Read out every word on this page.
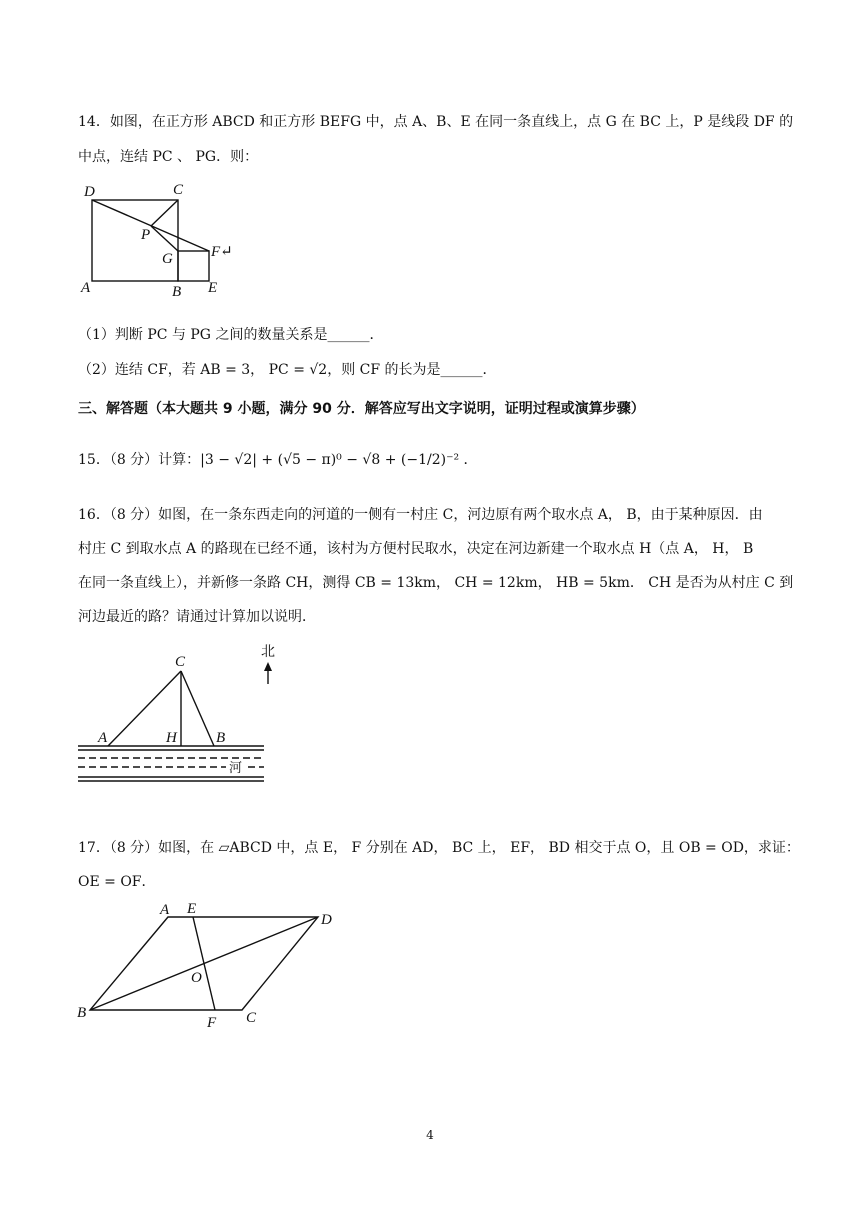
14．如图，在正方形 ABCD 和正方形 BEFG 中，点 A、B、E 在同一条直线上，点 G 在 BC 上，P 是线段 DF 的
中点，连结 PC 、 PG．则：
D	C
P
G	F↵
A	B E
（1）判断 PC 与 PG 之间的数量关系是______．
（2）连结 CF，若 AB = 3， PC = √2，则 CF 的长为是______．
三、解答题（本大题共 9 小题，满分 90 分．解答应写出文字说明，证明过程或演算步骤）
15．（8 分）计算：|3 − √2| + (√5 − π)⁰ − √8 + (−1/2)⁻² ．
16．（8 分）如图，在一条东西走向的河道的一侧有一村庄 C，河边原有两个取水点 A， B，由于某种原因．由
村庄 C 到取水点 A 的路现在已经不通，该村为方便村民取水，决定在河边新建一个取水点 H（点 A， H， B
在同一条直线上），并新修一条路 CH，测得 CB = 13km， CH = 12km， HB = 5km． CH 是否为从村庄 C 到
河边最近的路？请通过计算加以说明．
C
A	H	B
北
河
17．（8 分）如图，在 ▱ABCD 中，点 E， F 分别在 AD， BC 上， EF， BD 相交于点 O，且 OB = OD，求证：
OE = OF．
A E
D
O
B
F C
4
